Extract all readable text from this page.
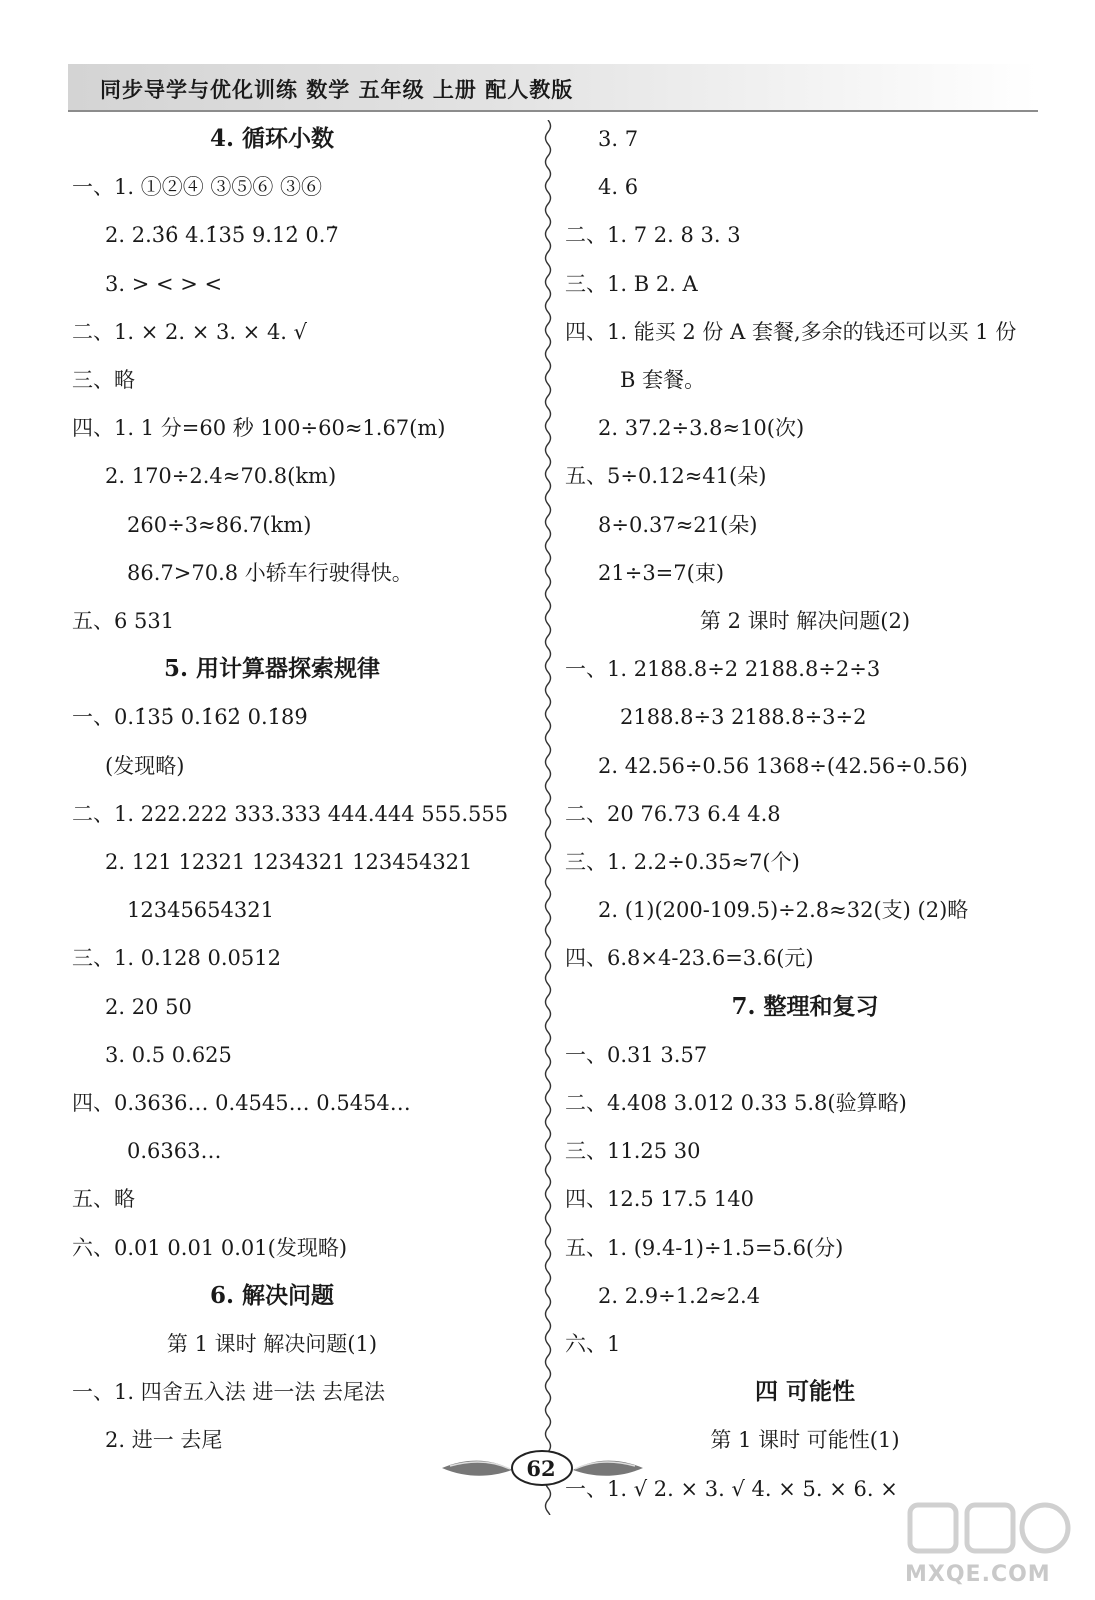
同步导学与优化训练 数学 五年级 上册 配人教版
4. 循环小数
一、1. ①②④ ③⑤⑥ ③⑥
2. 2.3̇6̇ 4.1̇35̇ 9.12̇ 0.7̇
3. > < > <
二、1. × 2. × 3. × 4. √
三、略
四、1. 1 分=60 秒 100÷60≈1.67(m)
2. 170÷2.4≈70.8(km)
260÷3≈86.7(km)
86.7>70.8 小轿车行驶得快。
五、6 531
5. 用计算器探索规律
一、0.1̇35̇ 0.1̇62̇ 0.1̇89̇
(发现略)
二、1. 222.222 333.333 444.444 555.555
2. 121 12321 1234321 123454321
12345654321
三、1. 0.128 0.0512
2. 20 50
3. 0.5 0.625
四、0.3636… 0.4545… 0.5454…
0.6363…
五、略
六、0.01 0.01 0.01(发现略)
6. 解决问题
第 1 课时 解决问题(1)
一、1. 四舍五入法 进一法 去尾法
2. 进一 去尾
3. 7
4. 6
二、1. 7 2. 8 3. 3
三、1. B 2. A
四、1. 能买 2 份 A 套餐,多余的钱还可以买 1 份
B 套餐。
2. 37.2÷3.8≈10(次)
五、5÷0.12≈41(朵)
8÷0.37≈21(朵)
21÷3=7(束)
第 2 课时 解决问题(2)
一、1. 2188.8÷2 2188.8÷2÷3
2188.8÷3 2188.8÷3÷2
2. 42.56÷0.56 1368÷(42.56÷0.56)
二、20 76.73 6.4 4.8
三、1. 2.2÷0.35≈7(个)
2. (1)(200-109.5)÷2.8≈32(支) (2)略
四、6.8×4-23.6=3.6(元)
7. 整理和复习
一、0.31 3.57
二、4.408 3.012 0.33 5.8(验算略)
三、11.25 30
四、12.5 17.5 140
五、1. (9.4-1)÷1.5=5.6(分)
2. 2.9÷1.2≈2.4
六、1
四 可能性
第 1 课时 可能性(1)
一、1. √ 2. × 3. √ 4. × 5. × 6. ×
62
MXQE.COM
